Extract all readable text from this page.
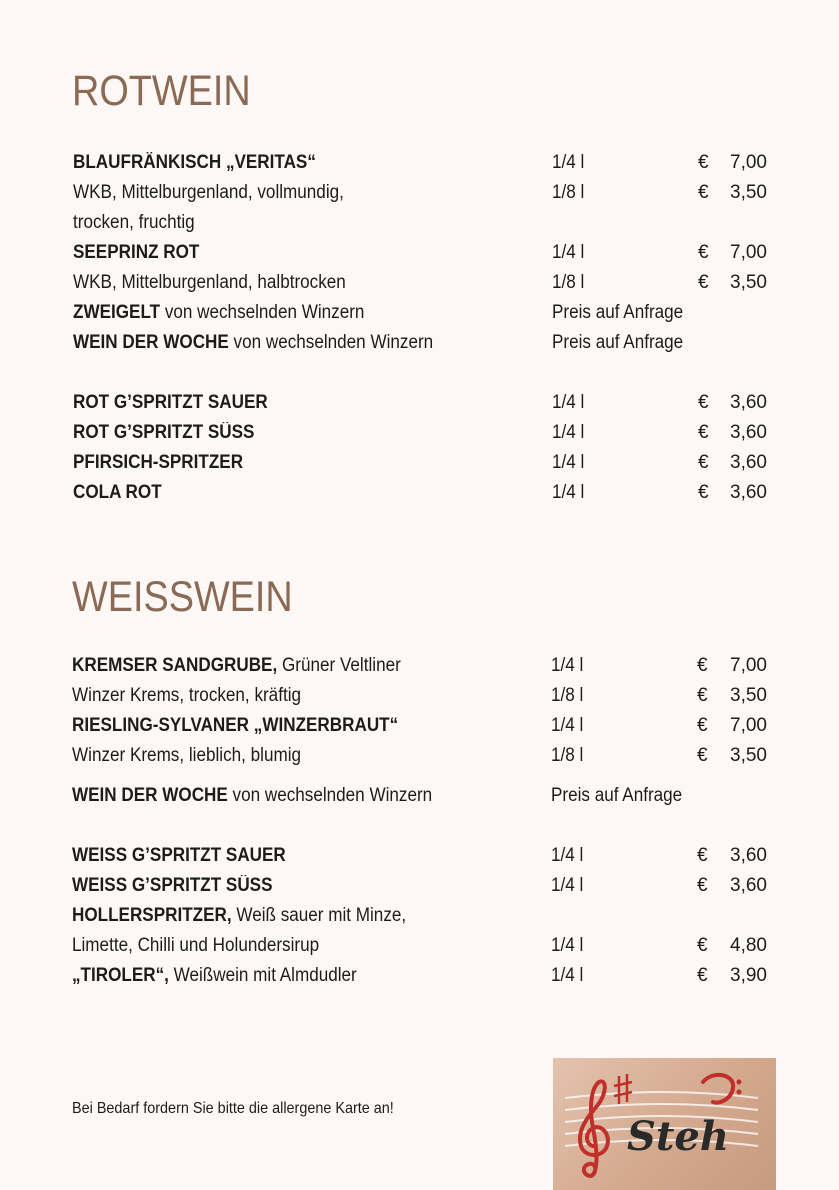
ROTWEIN
BLAUFRÄNKISCH „VERITAS“	1/4 l	€ 7,00
WKB, Mittelburgenland, vollmundig,	1/8 l	€ 3,50
trocken, fruchtig
SEEPRINZ ROT	1/4 l	€ 7,00
WKB, Mittelburgenland, halbtrocken	1/8 l	€ 3,50
ZWEIGELT von wechselnden Winzern	Preis auf Anfrage
WEIN DER WOCHE von wechselnden Winzern	Preis auf Anfrage
ROT G’SPRITZT SAUER	1/4 l	€ 3,60
ROT G’SPRITZT SÜSS	1/4 l	€ 3,60
PFIRSICH-SPRITZER	1/4 l	€ 3,60
COLA ROT	1/4 l	€ 3,60
WEISSWEIN
KREMSER SANDGRUBE, Grüner Veltliner	1/4 l	€ 7,00
Winzer Krems, trocken, kräftig	1/8 l	€ 3,50
RIESLING-SYLVANER „WINZERBRAUT“	1/4 l	€ 7,00
Winzer Krems, lieblich, blumig	1/8 l	€ 3,50
WEIN DER WOCHE von wechselnden Winzern	Preis auf Anfrage
WEISS G’SPRITZT SAUER	1/4 l	€ 3,60
WEISS G’SPRITZT SÜSS	1/4 l	€ 3,60
HOLLERSPRITZER, Weiß sauer mit Minze,
Limette, Chilli und Holundersirup	1/4 l	€ 4,80
„TIROLER“, Weißwein mit Almdudler	1/4 l	€ 3,90
Bei Bedarf fordern Sie bitte die allergene Karte an!
Steh
